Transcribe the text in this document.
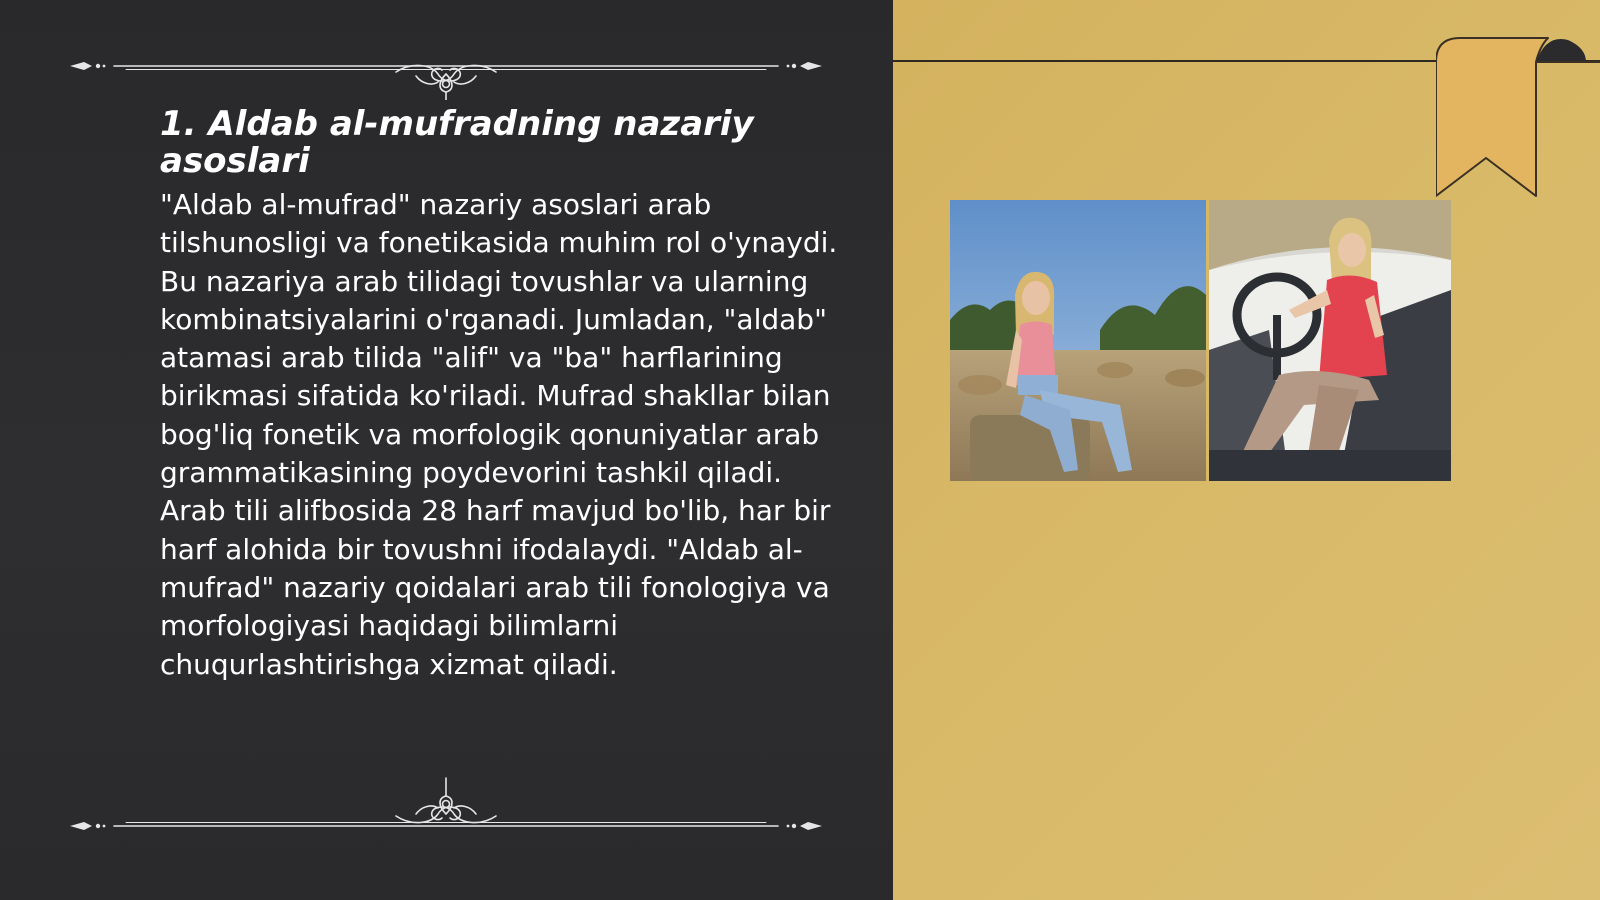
1. Aldab al-mufradning nazariy asoslari

"Aldab al-mufrad" nazariy asoslari arab tilshunosligi va fonetikasida muhim rol o'ynaydi. Bu nazariya arab tilidagi tovushlar va ularning kombinatsiyalarini o'rganadi. Jumladan, "aldab" atamasi arab tilida "alif" va "ba" harflarining birikmasi sifatida ko'riladi. Mufrad shakllar bilan bog'liq fonetik va morfologik qonuniyatlar arab grammatikasining poydevorini tashkil qiladi. Arab tili alifbosida 28 harf mavjud bo'lib, har bir harf alohida bir tovushni ifodalaydi. "Aldab al-mufrad" nazariy qoidalari arab tili fonologiya va morfologiyasi haqidagi bilimlarni chuqurlashtirishga xizmat qiladi.
